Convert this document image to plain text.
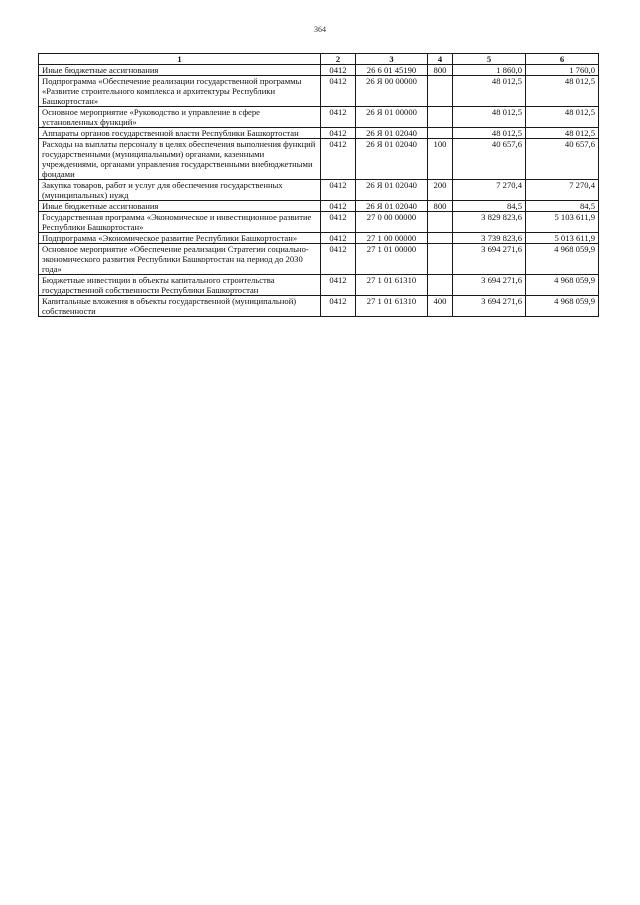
364
1	2	3	4	5	6
Иные бюджетные ассигнования	0412	26 6 01 45190	800	1 860,0	1 760,0
Подпрограмма «Обеспечение реализации государственной программы «Развитие строительного комплекса и архитектуры Республики Башкортостан»	0412	26 Я 00 00000		48 012,5	48 012,5
Основное мероприятие «Руководство и управление в сфере установленных функций»	0412	26 Я 01 00000		48 012,5	48 012,5
Аппараты органов государственной власти Республики Башкортостан	0412	26 Я 01 02040		48 012,5	48 012,5
Расходы на выплаты персоналу в целях обеспечения выполнения функций государственными (муниципальными) органами, казенными учреждениями, органами управления государственными внебюджетными фондами	0412	26 Я 01 02040	100	40 657,6	40 657,6
Закупка товаров, работ и услуг для обеспечения государственных (муниципальных) нужд	0412	26 Я 01 02040	200	7 270,4	7 270,4
Иные бюджетные ассигнования	0412	26 Я 01 02040	800	84,5	84,5
Государственная программа «Экономическое и инвестиционное развитие Республики Башкортостан»	0412	27 0 00 00000		3 829 823,6	5 103 611,9
Подпрограмма «Экономическое развитие Республики Башкортостан»	0412	27 1 00 00000		3 739 823,6	5 013 611,9
Основное мероприятие «Обеспечение реализации Стратегии социально-экономического развития Республики Башкортостан на период до 2030 года»	0412	27 1 01 00000		3 694 271,6	4 968 059,9
Бюджетные инвестиции в объекты капитального строительства государственной собственности Республики Башкортостан	0412	27 1 01 61310		3 694 271,6	4 968 059,9
Капитальные вложения в объекты государственной (муниципальной) собственности	0412	27 1 01 61310	400	3 694 271,6	4 968 059,9
